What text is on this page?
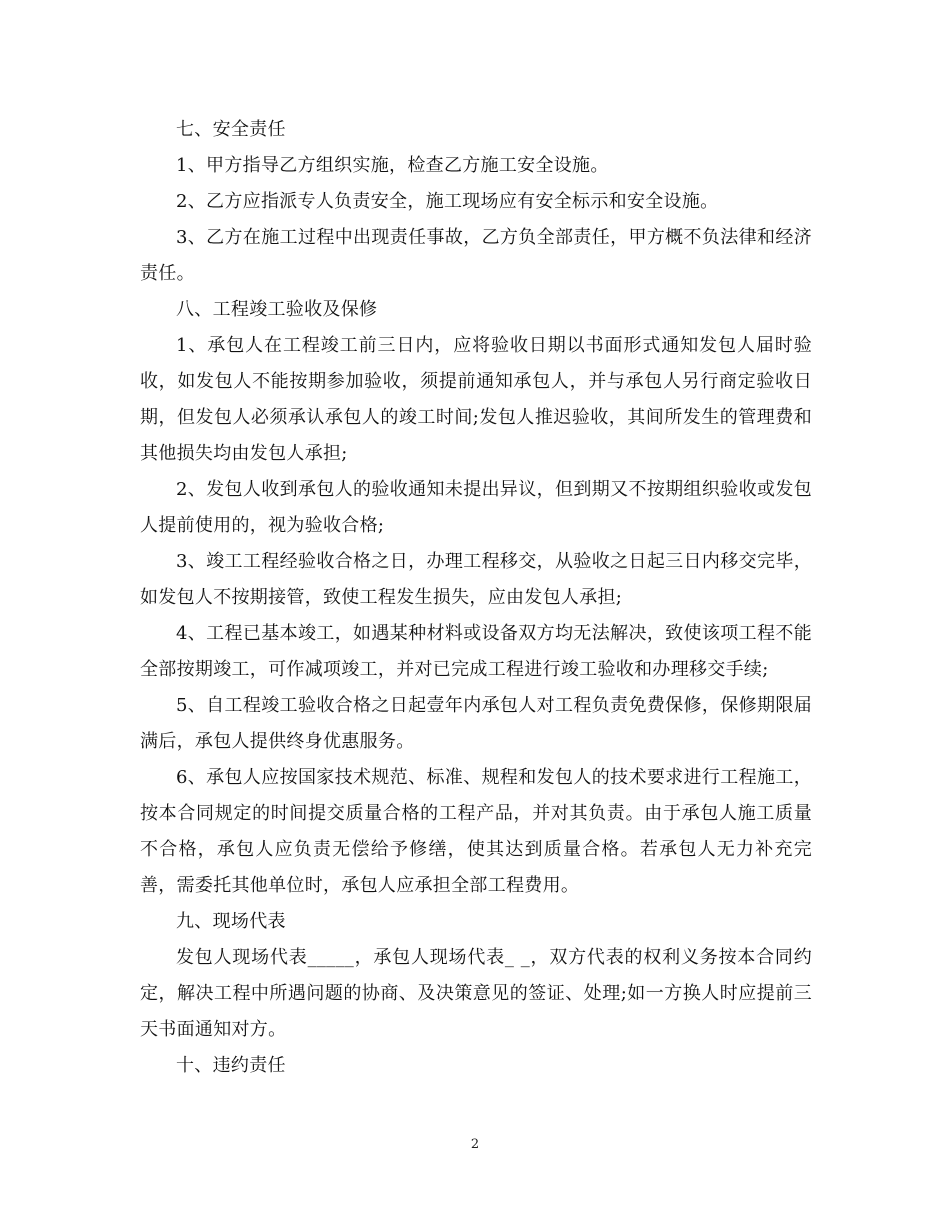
七、安全责任

1、甲方指导乙方组织实施，检查乙方施工安全设施。

2、乙方应指派专人负责安全，施工现场应有安全标示和安全设施。

3、乙方在施工过程中出现责任事故，乙方负全部责任，甲方概不负法律和经济责任。

八、工程竣工验收及保修

1、承包人在工程竣工前三日内，应将验收日期以书面形式通知发包人届时验收，如发包人不能按期参加验收，须提前通知承包人，并与承包人另行商定验收日期，但发包人必须承认承包人的竣工时间;发包人推迟验收，其间所发生的管理费和其他损失均由发包人承担;

2、发包人收到承包人的验收通知未提出异议，但到期又不按期组织验收或发包人提前使用的，视为验收合格;

3、竣工工程经验收合格之日，办理工程移交，从验收之日起三日内移交完毕，如发包人不按期接管，致使工程发生损失，应由发包人承担;

4、工程已基本竣工，如遇某种材料或设备双方均无法解决，致使该项工程不能全部按期竣工，可作减项竣工，并对已完成工程进行竣工验收和办理移交手续;

5、自工程竣工验收合格之日起壹年内承包人对工程负责免费保修，保修期限届满后，承包人提供终身优惠服务。

6、承包人应按国家技术规范、标准、规程和发包人的技术要求进行工程施工，按本合同规定的时间提交质量合格的工程产品，并对其负责。由于承包人施工质量不合格，承包人应负责无偿给予修缮，使其达到质量合格。若承包人无力补充完善，需委托其他单位时，承包人应承担全部工程费用。

九、现场代表

发包人现场代表_____，承包人现场代表_ _，双方代表的权利义务按本合同约定，解决工程中所遇问题的协商、及决策意见的签证、处理;如一方换人时应提前三天书面通知对方。

十、违约责任

2
